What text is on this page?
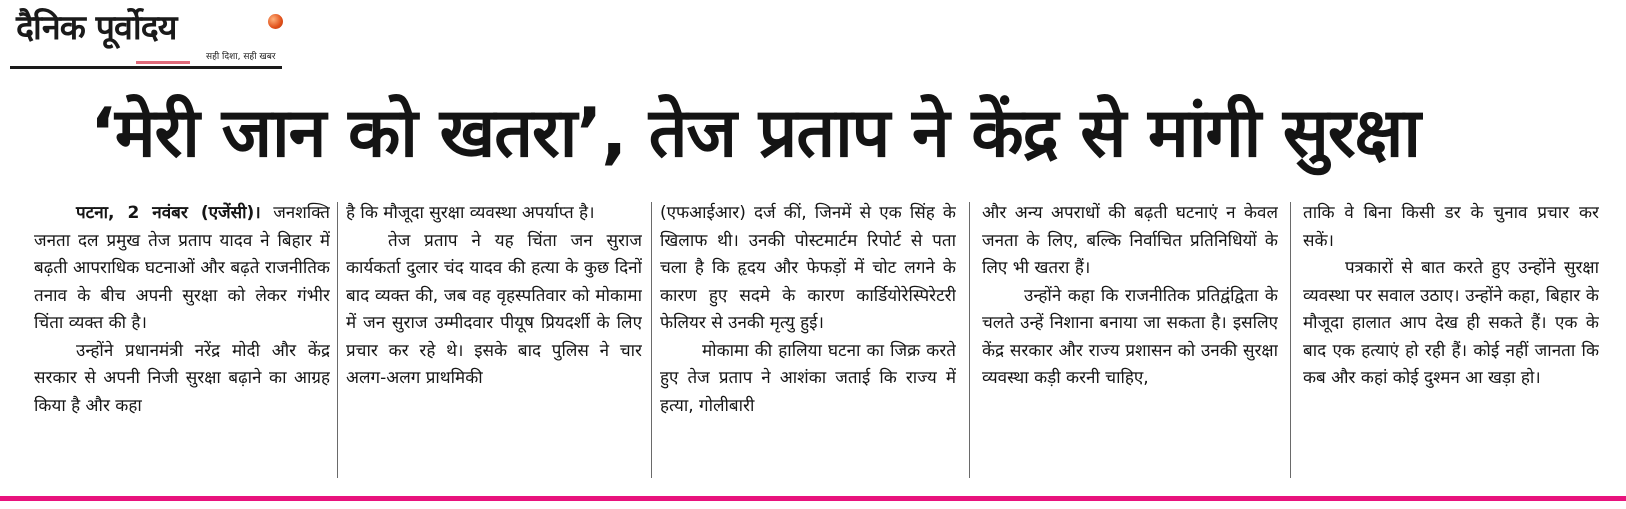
दैनिक पूर्वोदय
सही दिशा, सही खबर
‘मेरी जान को खतरा’, तेज प्रताप ने केंद्र से मांगी सुरक्षा

पटना, 2 नवंबर (एजेंसी)। जनशक्ति जनता दल प्रमुख तेज प्रताप यादव ने बिहार में बढ़ती आपराधिक घटनाओं और बढ़ते राजनीतिक तनाव के बीच अपनी सुरक्षा को लेकर गंभीर चिंता व्यक्त की है।

उन्होंने प्रधानमंत्री नरेंद्र मोदी और केंद्र सरकार से अपनी निजी सुरक्षा बढ़ाने का आग्रह किया है और कहा

है कि मौजूदा सुरक्षा व्यवस्था अपर्याप्त है।

तेज प्रताप ने यह चिंता जन सुराज कार्यकर्ता दुलार चंद यादव की हत्या के कुछ दिनों बाद व्यक्त की, जब वह वृहस्पतिवार को मोकामा में जन सुराज उम्मीदवार पीयूष प्रियदर्शी के लिए प्रचार कर रहे थे। इसके बाद पुलिस ने चार अलग-अलग प्राथमिकी

(एफआईआर) दर्ज कीं, जिनमें से एक सिंह के खिलाफ थी। उनकी पोस्टमार्टम रिपोर्ट से पता चला है कि हृदय और फेफड़ों में चोट लगने के कारण हुए सदमे के कारण कार्डियोरेस्पिरेटरी फेलियर से उनकी मृत्यु हुई।

मोकामा की हालिया घटना का जिक्र करते हुए तेज प्रताप ने आशंका जताई कि राज्य में हत्या, गोलीबारी

और अन्य अपराधों की बढ़ती घटनाएं न केवल जनता के लिए, बल्कि निर्वाचित प्रतिनिधियों के लिए भी खतरा हैं।

उन्होंने कहा कि राजनीतिक प्रतिद्वंद्विता के चलते उन्हें निशाना बनाया जा सकता है। इसलिए केंद्र सरकार और राज्य प्रशासन को उनकी सुरक्षा व्यवस्था कड़ी करनी चाहिए,

ताकि वे बिना किसी डर के चुनाव प्रचार कर सकें।

पत्रकारों से बात करते हुए उन्होंने सुरक्षा व्यवस्था पर सवाल उठाए। उन्होंने कहा, बिहार के मौजूदा हालात आप देख ही सकते हैं। एक के बाद एक हत्याएं हो रही हैं। कोई नहीं जानता कि कब और कहां कोई दुश्मन आ खड़ा हो।
